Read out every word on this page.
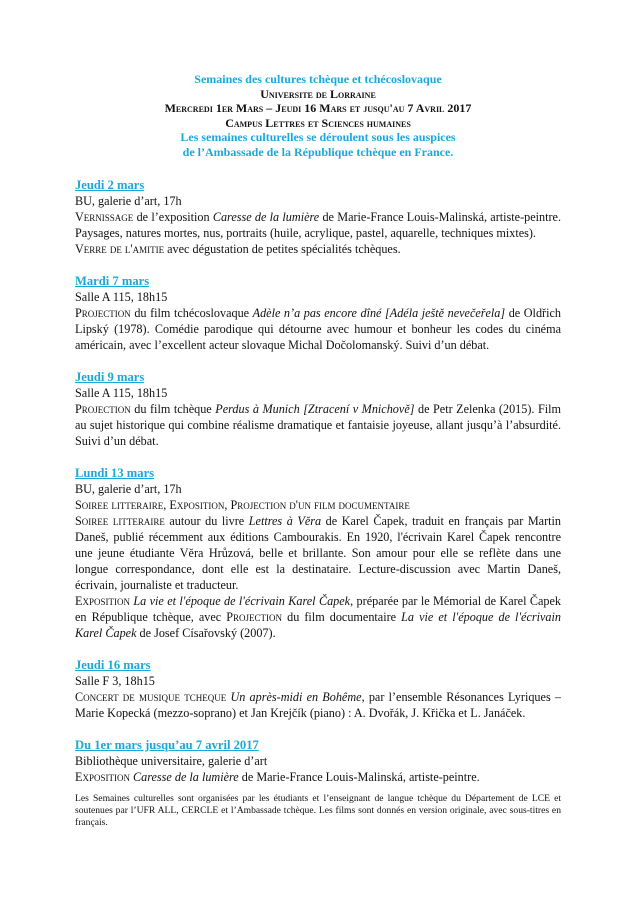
Semaines des cultures tchèque et tchécoslovaque
Universite de Lorraine
Mercredi 1er Mars – Jeudi 16 Mars et jusqu'au 7 Avril 2017
Campus Lettres et Sciences humaines
Les semaines culturelles se déroulent sous les auspices
de l’Ambassade de la République tchèque en France.
Jeudi 2 mars

BU, galerie d’art, 17h

Vernissage de l’exposition Caresse de la lumière de Marie-France Louis-Malinská, artiste-peintre. Paysages, natures mortes, nus, portraits (huile, acrylique, pastel, aquarelle, techniques mixtes).

Verre de l'amitie avec dégustation de petites spécialités tchèques.

Mardi 7 mars

Salle A 115, 18h15

Projection du film tchécoslovaque Adèle n’a pas encore dîné [Adéla ještě nevečeřela] de Oldřich Lipský (1978). Comédie parodique qui détourne avec humour et bonheur les codes du cinéma américain, avec l’excellent acteur slovaque Michal Dočolomanský. Suivi d’un débat.

Jeudi 9 mars

Salle A 115, 18h15

Projection du film tchèque Perdus à Munich [Ztracení v Mnichově] de Petr Zelenka (2015). Film au sujet historique qui combine réalisme dramatique et fantaisie joyeuse, allant jusqu’à l’absurdité. Suivi d’un débat.

Lundi 13 mars

BU, galerie d’art, 17h

Soiree litteraire, Exposition, Projection d'un film documentaire

Soiree litteraire autour du livre Lettres à Věra de Karel Čapek, traduit en français par Martin Daneš, publié récemment aux éditions Cambourakis. En 1920, l'écrivain Karel Čapek rencontre une jeune étudiante Věra Hrůzová, belle et brillante. Son amour pour elle se reflète dans une longue correspondance, dont elle est la destinataire. Lecture-discussion avec Martin Daneš, écrivain, journaliste et traducteur.

Exposition La vie et l'époque de l'écrivain Karel Čapek, préparée par le Mémorial de Karel Čapek en République tchèque, avec Projection du film documentaire La vie et l'époque de l'écrivain Karel Čapek de Josef Císařovský (2007).

Jeudi 16 mars

Salle F 3, 18h15

Concert de musique tcheque Un après-midi en Bohême, par l’ensemble Résonances Lyriques – Marie Kopecká (mezzo-soprano) et Jan Krejčík (piano) : A. Dvořák, J. Křička et L. Janáček.

Du 1er mars jusqu’au 7 avril 2017

Bibliothèque universitaire, galerie d’art

Exposition Caresse de la lumière de Marie-France Louis-Malinská, artiste-peintre.

Les Semaines culturelles sont organisées par les étudiants et l’enseignant de langue tchèque du Département de LCE et soutenues par l’UFR ALL, CERCLE et l’Ambassade tchèque. Les films sont donnés en version originale, avec sous-titres en français.
